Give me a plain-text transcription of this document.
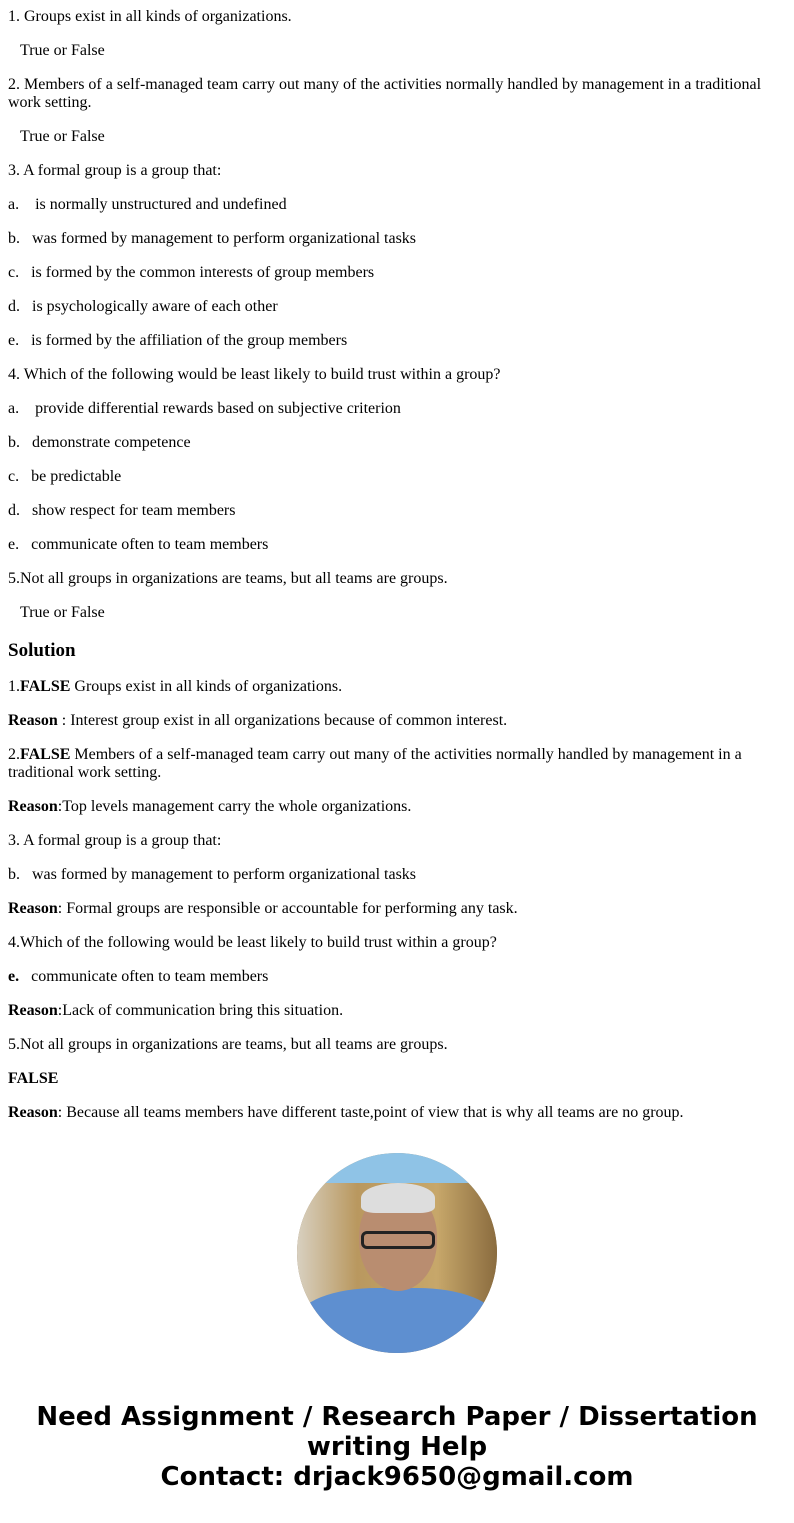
1. Groups exist in all kinds of organizations.

True or False

2. Members of a self-managed team carry out many of the activities normally handled by management in a traditional work setting.

True or False

3. A formal group is a group that:

a.    is normally unstructured and undefined

b.   was formed by management to perform organizational tasks

c.   is formed by the common interests of group members

d.   is psychologically aware of each other

e.   is formed by the affiliation of the group members

4. Which of the following would be least likely to build trust within a group?

a.    provide differential rewards based on subjective criterion

b.   demonstrate competence

c.   be predictable

d.   show respect for team members

e.   communicate often to team members

5.Not all groups in organizations are teams, but all teams are groups.

True or False

Solution

1.FALSE Groups exist in all kinds of organizations.

Reason : Interest group exist in all organizations because of common interest.

2.FALSE Members of a self-managed team carry out many of the activities normally handled by management in a traditional work setting.

Reason:Top levels management carry the whole organizations.

3. A formal group is a group that:

b.   was formed by management to perform organizational tasks

Reason: Formal groups are responsible or accountable for performing any task.

4.Which of the following would be least likely to build trust within a group?

e.   communicate often to team members

Reason:Lack of communication bring this situation.

5.Not all groups in organizations are teams, but all teams are groups.

FALSE

Reason: Because all teams members have different taste,point of view that is why all teams are no group.

Need Assignment / Research Paper / Dissertation
writing Help
Contact: drjack9650@gmail.com
